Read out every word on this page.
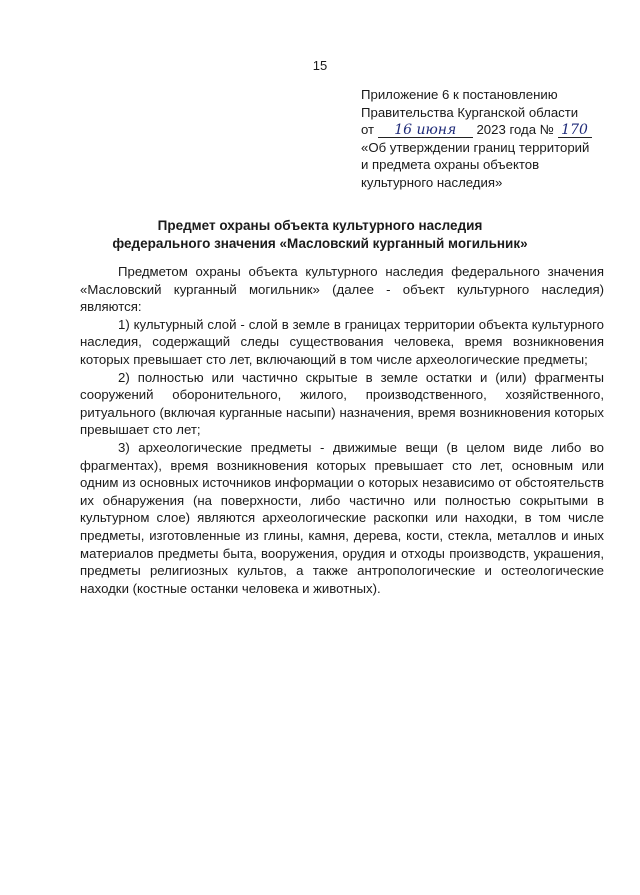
15
Приложение 6 к постановлению
Правительства Курганской области
от 16 июня 2023 года № 170
«Об утверждении границ территорий
и предмета охраны объектов
культурного наследия»
Предмет охраны объекта культурного наследия
федерального значения «Масловский курганный могильник»

Предметом охраны объекта культурного наследия федерального значения «Масловский курганный могильник» (далее - объект культурного наследия) являются:

1) культурный слой - слой в земле в границах территории объекта культурного наследия, содержащий следы существования человека, время возникновения которых превышает сто лет, включающий в том числе археологические предметы;

2) полностью или частично скрытые в земле остатки и (или) фрагменты сооружений оборонительного, жилого, производственного, хозяйственного, ритуального (включая курганные насыпи) назначения, время возникновения которых превышает сто лет;

3) археологические предметы - движимые вещи (в целом виде либо во фрагментах), время возникновения которых превышает сто лет, основным или одним из основных источников информации о которых независимо от обстоятельств их обнаружения (на поверхности, либо частично или полностью сокрытыми в культурном слое) являются археологические раскопки или находки, в том числе предметы, изготовленные из глины, камня, дерева, кости, стекла, металлов и иных материалов предметы быта, вооружения, орудия и отходы производств, украшения, предметы религиозных культов, а также антропологические и остеологические находки (костные останки человека и животных).
